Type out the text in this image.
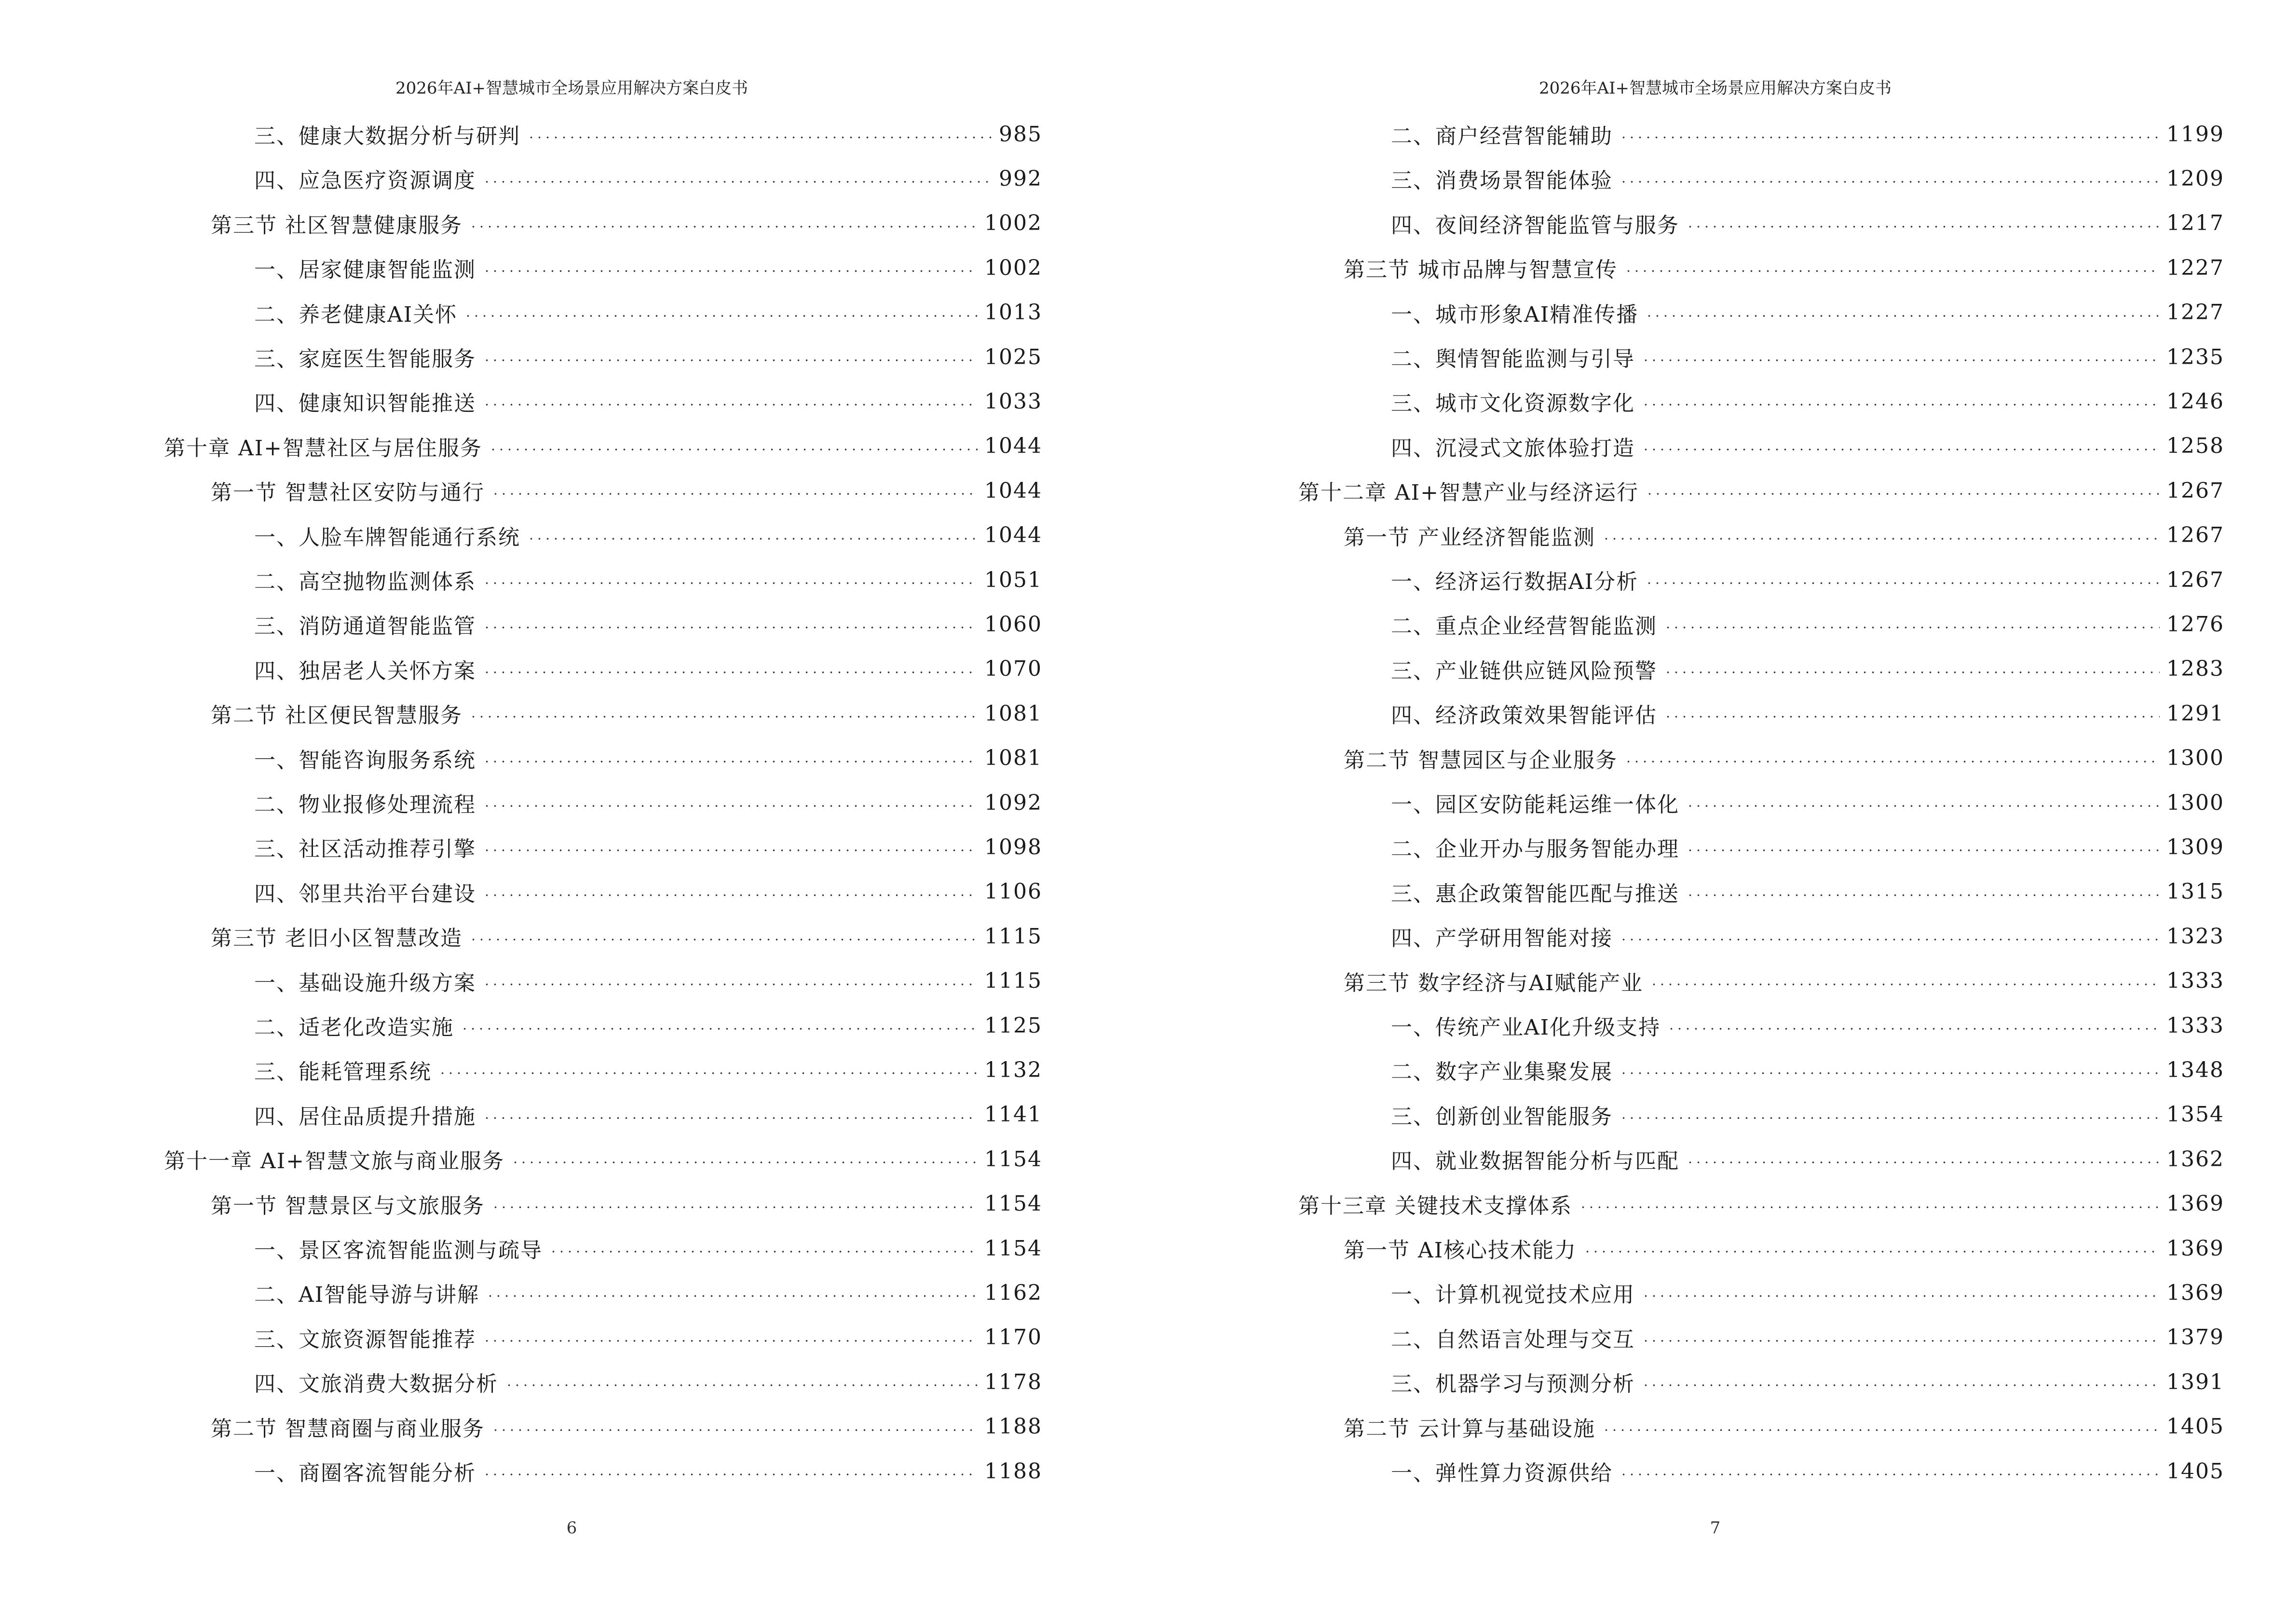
2026年AI+智慧城市全场景应用解决方案白皮书
三、健康大数据分析与研判	985
四、应急医疗资源调度	992
第三节 社区智慧健康服务	1002
一、居家健康智能监测	1002
二、养老健康AI关怀	1013
三、家庭医生智能服务	1025
四、健康知识智能推送	1033
第十章 AI+智慧社区与居住服务	1044
第一节 智慧社区安防与通行	1044
一、人脸车牌智能通行系统	1044
二、高空抛物监测体系	1051
三、消防通道智能监管	1060
四、独居老人关怀方案	1070
第二节 社区便民智慧服务	1081
一、智能咨询服务系统	1081
二、物业报修处理流程	1092
三、社区活动推荐引擎	1098
四、邻里共治平台建设	1106
第三节 老旧小区智慧改造	1115
一、基础设施升级方案	1115
二、适老化改造实施	1125
三、能耗管理系统	1132
四、居住品质提升措施	1141
第十一章 AI+智慧文旅与商业服务	1154
第一节 智慧景区与文旅服务	1154
一、景区客流智能监测与疏导	1154
二、AI智能导游与讲解	1162
三、文旅资源智能推荐	1170
四、文旅消费大数据分析	1178
第二节 智慧商圈与商业服务	1188
一、商圈客流智能分析	1188
6
2026年AI+智慧城市全场景应用解决方案白皮书
二、商户经营智能辅助	1199
三、消费场景智能体验	1209
四、夜间经济智能监管与服务	1217
第三节 城市品牌与智慧宣传	1227
一、城市形象AI精准传播	1227
二、舆情智能监测与引导	1235
三、城市文化资源数字化	1246
四、沉浸式文旅体验打造	1258
第十二章 AI+智慧产业与经济运行	1267
第一节 产业经济智能监测	1267
一、经济运行数据AI分析	1267
二、重点企业经营智能监测	1276
三、产业链供应链风险预警	1283
四、经济政策效果智能评估	1291
第二节 智慧园区与企业服务	1300
一、园区安防能耗运维一体化	1300
二、企业开办与服务智能办理	1309
三、惠企政策智能匹配与推送	1315
四、产学研用智能对接	1323
第三节 数字经济与AI赋能产业	1333
一、传统产业AI化升级支持	1333
二、数字产业集聚发展	1348
三、创新创业智能服务	1354
四、就业数据智能分析与匹配	1362
第十三章 关键技术支撑体系	1369
第一节 AI核心技术能力	1369
一、计算机视觉技术应用	1369
二、自然语言处理与交互	1379
三、机器学习与预测分析	1391
第二节 云计算与基础设施	1405
一、弹性算力资源供给	1405
7
